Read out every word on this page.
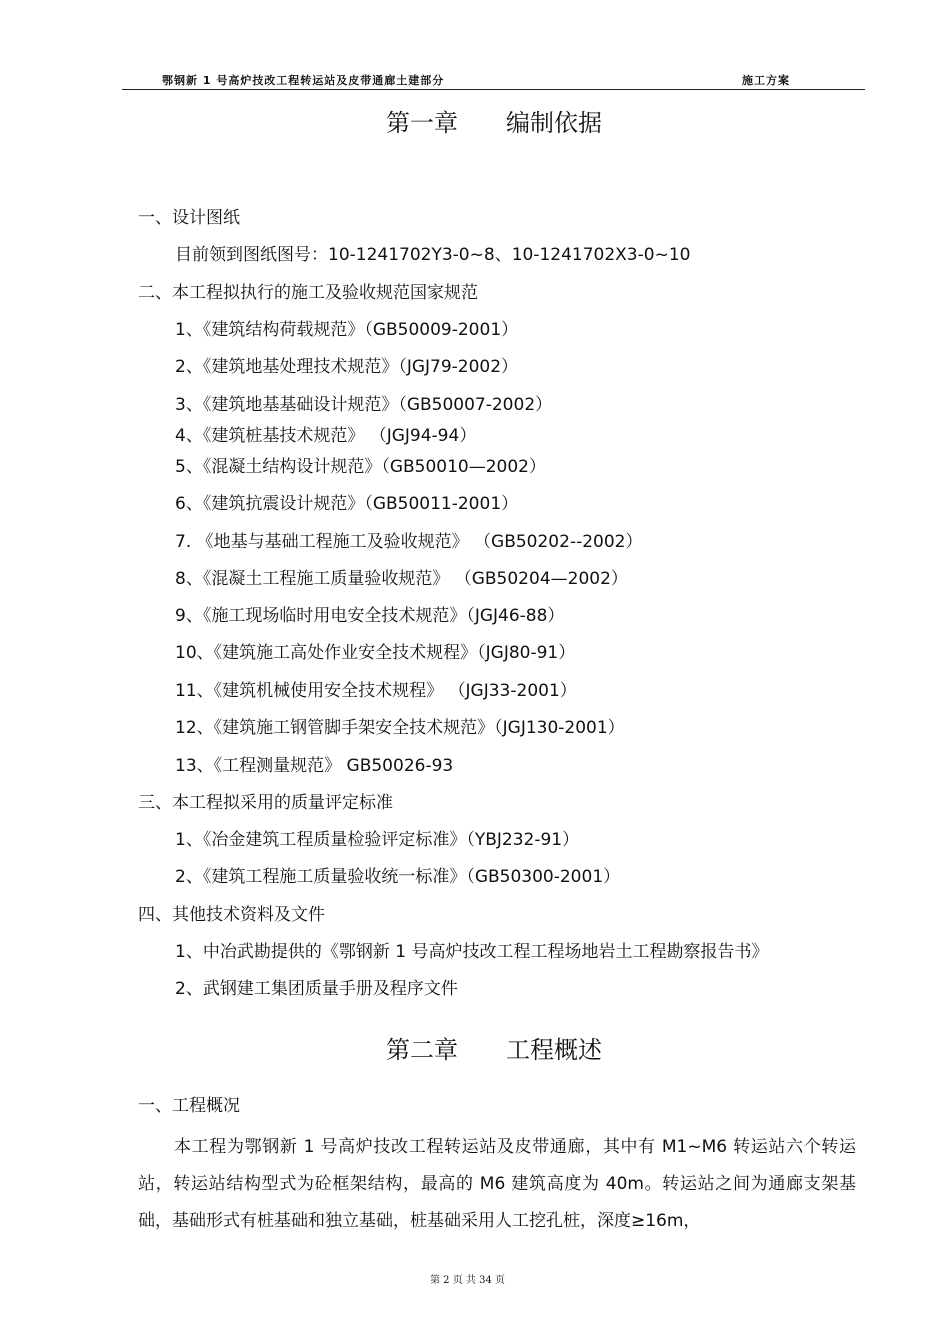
鄂钢新 1 号高炉技改工程转运站及皮带通廊土建部分	施工方案
第一章 编制依据
一、设计图纸
目前领到图纸图号：10-1241702Y3-0~8、10-1241702X3-0~10
二、本工程拟执行的施工及验收规范国家规范
1、《建筑结构荷载规范》（GB50009-2001）
2、《建筑地基处理技术规范》（JGJ79-2002）
3、《建筑地基基础设计规范》（GB50007-2002）
4、《建筑桩基技术规范》 （JGJ94-94）
5、《混凝土结构设计规范》（GB50010—2002）
6、《建筑抗震设计规范》（GB50011-2001）
7. 《地基与基础工程施工及验收规范》 （GB50202--2002）
8、《混凝土工程施工质量验收规范》 （GB50204—2002）
9、《施工现场临时用电安全技术规范》（JGJ46-88）
10、《建筑施工高处作业安全技术规程》（JGJ80-91）
11、《建筑机械使用安全技术规程》 （JGJ33-2001）
12、《建筑施工钢管脚手架安全技术规范》（JGJ130-2001）
13、《工程测量规范》 GB50026-93
三、本工程拟采用的质量评定标准
1、《冶金建筑工程质量检验评定标准》（YBJ232-91）
2、《建筑工程施工质量验收统一标准》（GB50300-2001）
四、其他技术资料及文件
1、中冶武勘提供的《鄂钢新 1 号高炉技改工程工程场地岩土工程勘察报告书》
2、武钢建工集团质量手册及程序文件
第二章 工程概述
一、工程概况
本工程为鄂钢新 1 号高炉技改工程转运站及皮带通廊，其中有 M1~M6 转运站六个转运站，转运站结构型式为砼框架结构，最高的 M6 建筑高度为 40m。转运站之间为通廊支架基础，基础形式有桩基础和独立基础，桩基础采用人工挖孔桩，深度≥16m，
第 2 页 共 34 页
